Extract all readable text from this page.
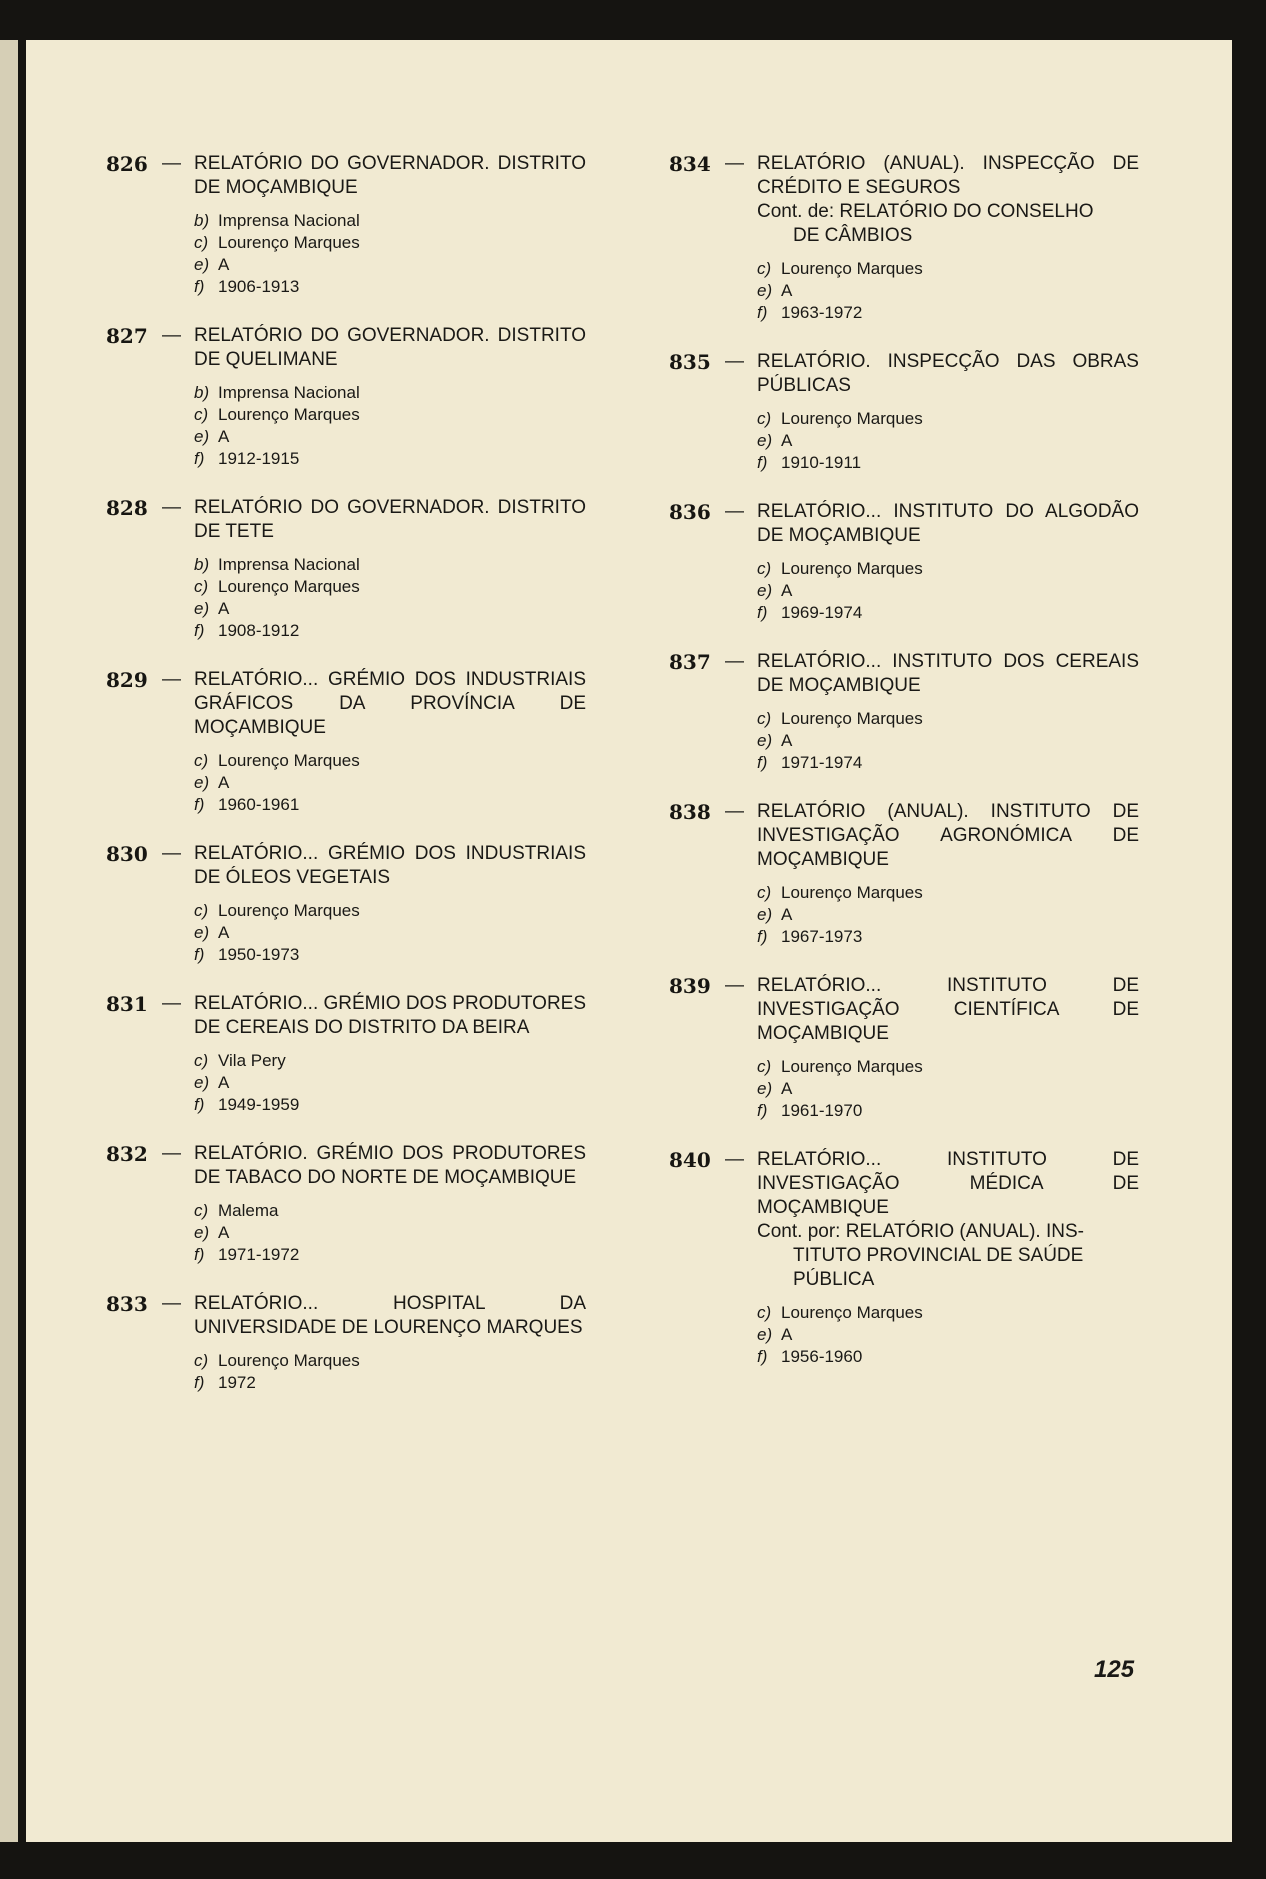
826 — RELATÓRIO DO GOVERNADOR. DISTRITO DE MOÇAMBIQUE
b) Imprensa Nacional
c) Lourenço Marques
e) A
f) 1906-1913
827 — RELATÓRIO DO GOVERNADOR. DISTRITO DE QUELIMANE
b) Imprensa Nacional
c) Lourenço Marques
e) A
f) 1912-1915
828 — RELATÓRIO DO GOVERNADOR. DISTRITO DE TETE
b) Imprensa Nacional
c) Lourenço Marques
e) A
f) 1908-1912
829 — RELATÓRIO... GRÉMIO DOS INDUSTRIAIS GRÁFICOS DA PROVÍNCIA DE MOÇAMBIQUE
c) Lourenço Marques
e) A
f) 1960-1961
830 — RELATÓRIO... GRÉMIO DOS INDUSTRIAIS DE ÓLEOS VEGETAIS
c) Lourenço Marques
e) A
f) 1950-1973
831 — RELATÓRIO... GRÉMIO DOS PRODUTORES DE CEREAIS DO DISTRITO DA BEIRA
c) Vila Pery
e) A
f) 1949-1959
832 — RELATÓRIO. GRÉMIO DOS PRODUTORES DE TABACO DO NORTE DE MOÇAMBIQUE
c) Malema
e) A
f) 1971-1972
833 — RELATÓRIO... HOSPITAL DA UNIVERSIDADE DE LOURENÇO MARQUES
c) Lourenço Marques
f) 1972
834 — RELATÓRIO (ANUAL). INSPECÇÃO DE CRÉDITO E SEGUROS
Cont. de: RELATÓRIO DO CONSELHO
DE CÂMBIOS
c) Lourenço Marques
e) A
f) 1963-1972
835 — RELATÓRIO. INSPECÇÃO DAS OBRAS PÚBLICAS
c) Lourenço Marques
e) A
f) 1910-1911
836 — RELATÓRIO... INSTITUTO DO ALGODÃO DE MOÇAMBIQUE
c) Lourenço Marques
e) A
f) 1969-1974
837 — RELATÓRIO... INSTITUTO DOS CEREAIS DE MOÇAMBIQUE
c) Lourenço Marques
e) A
f) 1971-1974
838 — RELATÓRIO (ANUAL). INSTITUTO DE INVESTIGAÇÃO AGRONÓMICA DE MOÇAMBIQUE
c) Lourenço Marques
e) A
f) 1967-1973
839 — RELATÓRIO... INSTITUTO DE INVESTIGAÇÃO CIENTÍFICA DE MOÇAMBIQUE
c) Lourenço Marques
e) A
f) 1961-1970
840 — RELATÓRIO... INSTITUTO DE INVESTIGAÇÃO MÉDICA DE MOÇAMBIQUE
Cont. por: RELATÓRIO (ANUAL). INS-
TITUTO PROVINCIAL DE SAÚDE PÚBLICA
c) Lourenço Marques
e) A
f) 1956-1960
125
